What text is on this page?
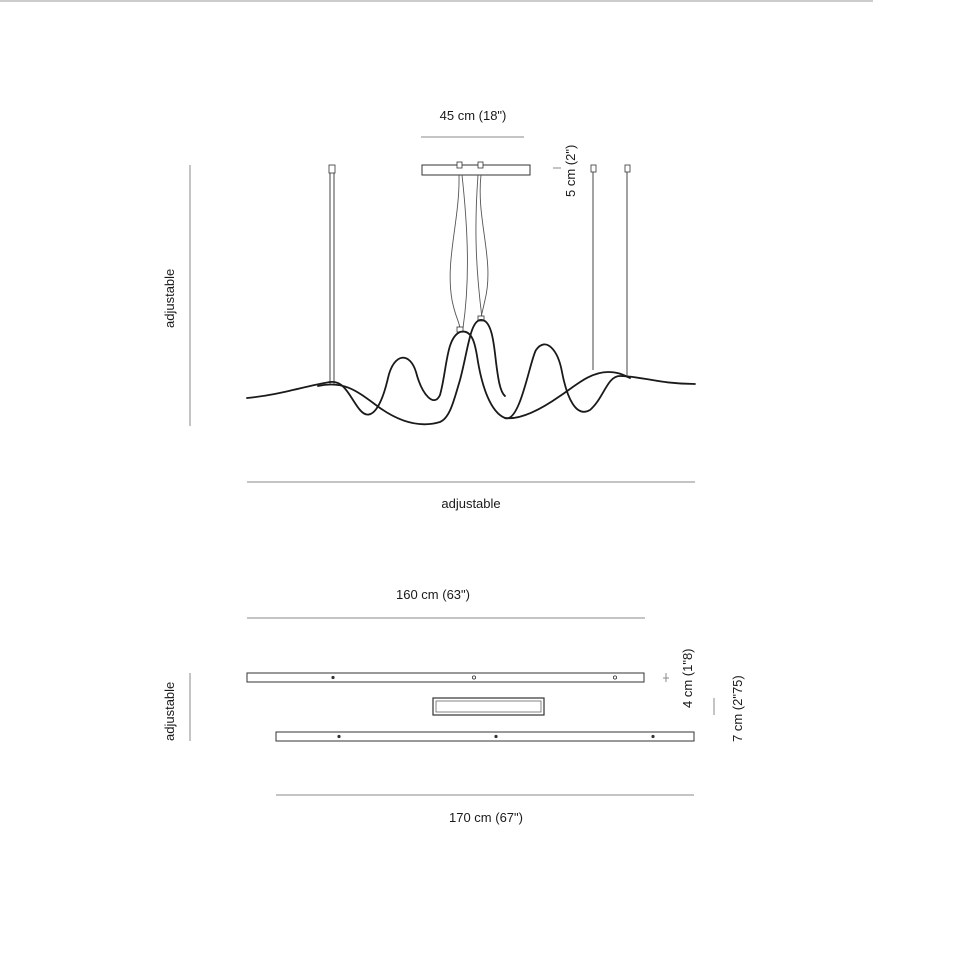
45 cm (18")
5 cm (2")
adjustable
adjustable
160 cm (63")
adjustable
4 cm (1"8)	7 cm (2"75)
170 cm (67")
